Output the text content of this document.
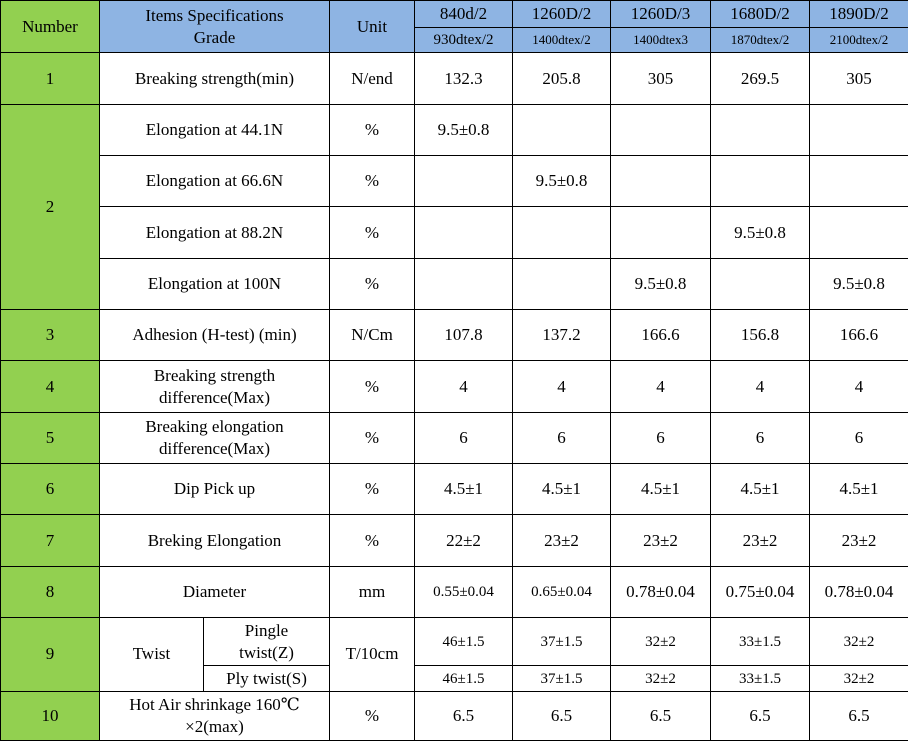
Number	Items Specifications
Grade		Unit	840d/2	1260D/2	1260D/3	1680D/2	1890D/2
				930dtex/2	1400dtex/2	1400dtex3	1870dtex/2	2100dtex/2
1	Breaking strength(min)		N/end	132.3	205.8	305	269.5	305
2	Elongation at 44.1N		%	9.5±0.8				
	Elongation at 66.6N		%		9.5±0.8			
	Elongation at 88.2N		%				9.5±0.8	
	Elongation at 100N		%			9.5±0.8		9.5±0.8
3	Adhesion (H-test) (min)		N/Cm	107.8	137.2	166.6	156.8	166.6
4	Breaking strength
difference(Max)		%	4	4	4	4	4
5	Breaking elongation
difference(Max)		%	6	6	6	6	6
6	Dip Pick up		%	4.5±1	4.5±1	4.5±1	4.5±1	4.5±1
7	Breking Elongation		%	22±2	23±2	23±2	23±2	23±2
8	Diameter		mm	0.55±0.04	0.65±0.04	0.78±0.04	0.75±0.04	0.78±0.04
9	Twist	Pingle
twist(Z)	T/10cm	46±1.5	37±1.5	32±2	33±1.5	32±2
		Ply twist(S)		46±1.5	37±1.5	32±2	33±1.5	32±2
10	Hot Air shrinkage 160℃
×2(max)		%	6.5	6.5	6.5	6.5	6.5
